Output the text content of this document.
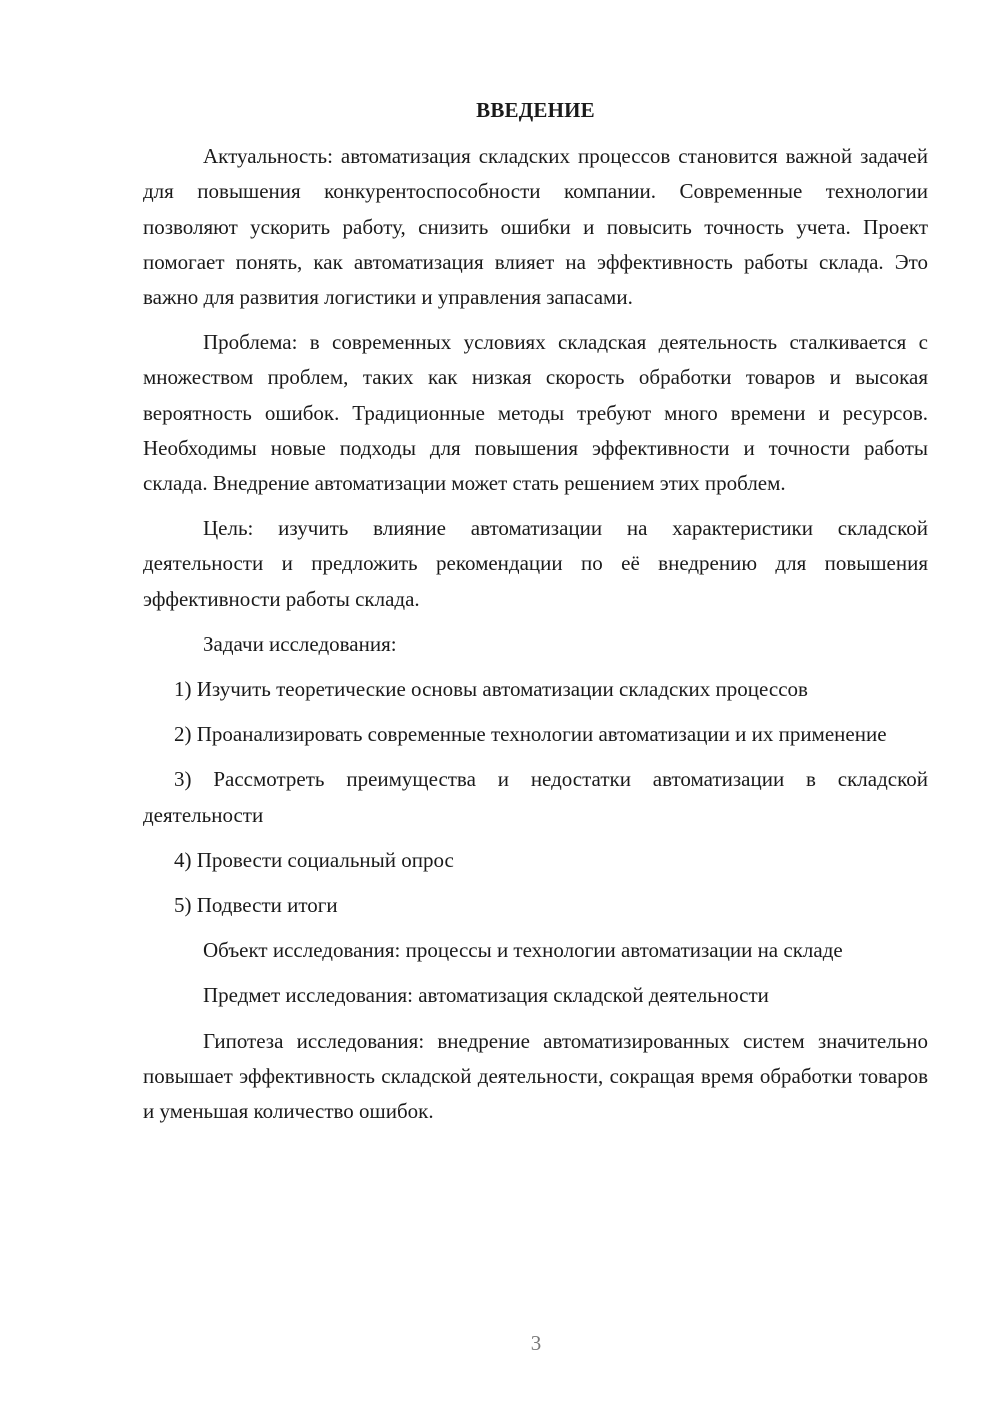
ВВЕДЕНИЕ

Актуальность: автоматизация складских процессов становится важной задачей для повышения конкурентоспособности компании. Современные технологии позволяют ускорить работу, снизить ошибки и повысить точность учета. Проект помогает понять, как автоматизация влияет на эффективность работы склада. Это важно для развития логистики и управления запасами.

Проблема: в современных условиях складская деятельность сталкивается с множеством проблем, таких как низкая скорость обработки товаров и высокая вероятность ошибок. Традиционные методы требуют много времени и ресурсов. Необходимы новые подходы для повышения эффективности и точности работы склада. Внедрение автоматизации может стать решением этих проблем.

Цель: изучить влияние автоматизации на характеристики складской деятельности и предложить рекомендации по её внедрению для повышения эффективности работы склада.

Задачи исследования:

1) Изучить теоретические основы автоматизации складских процессов

2) Проанализировать современные технологии автоматизации и их применение

3) Рассмотреть преимущества и недостатки автоматизации в складской деятельности

4) Провести социальный опрос

5) Подвести итоги

Объект исследования: процессы и технологии автоматизации на складе

Предмет исследования: автоматизация складской деятельности

Гипотеза исследования: внедрение автоматизированных систем значительно повышает эффективность складской деятельности, сокращая время обработки товаров и уменьшая количество ошибок.

3
